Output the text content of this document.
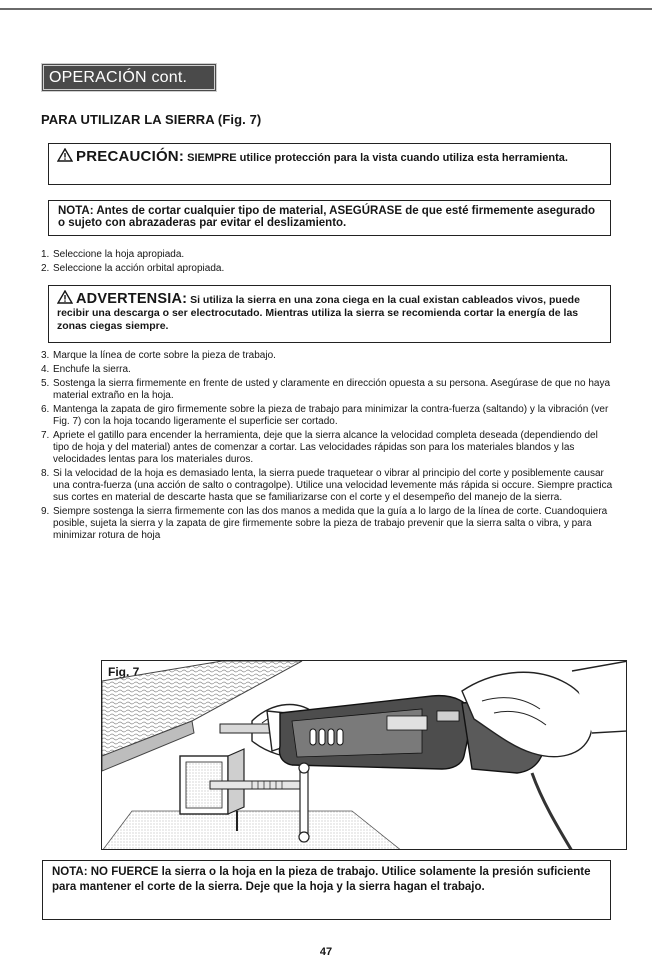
OPERACIÓN cont.
PARA UTILIZAR LA SIERRA (Fig. 7)

PRECAUCIÓN: SIEMPRE utilice protección para la vista cuando utiliza esta herramienta.

NOTA: Antes de cortar cualquier tipo de material, ASEGÚRASE de que esté firmemente asegurado o sujeto con abrazaderas par evitar el deslizamiento.

1. Seleccione la hoja apropiada.
2. Seleccione la acción orbital apropiada.

ADVERTENSIA: Si utiliza la sierra en una zona ciega en la cual existan cableados vivos, puede recibir una descarga o ser electrocutado. Mientras utiliza la sierra se recomienda cortar la energía de las zonas ciegas siempre.

3. Marque la línea de corte sobre la pieza de trabajo.
4. Enchufe la sierra.
5. Sostenga la sierra firmemente en frente de usted y claramente en dirección opuesta a su persona. Asegúrase de que no haya material extraño en la hoja.
6. Mantenga la zapata de giro firmemente sobre la pieza de trabajo para minimizar la contra-fuerza (saltando) y la vibración (ver Fig. 7) con la hoja tocando ligeramente el superficie ser cortado.
7. Apriete el gatillo para encender la herramienta, deje que la sierra alcance la velocidad completa deseada (dependiendo del tipo de hoja y del material) antes de comenzar a cortar. Las velocidades rápidas son para los materiales blandos y las velocidades lentas para los materiales duros.
8. Si la velocidad de la hoja es demasiado lenta, la sierra puede traquetear o vibrar al principio del corte y posiblemente causar una contra-fuerza (una acción de salto o contragolpe). Utilice una velocidad levemente más rápida si occure. Siempre practica sus cortes en material de descarte hasta que se familiarizarse con el corte y el desempeño del manejo de la sierra.
9. Siempre sostenga la sierra firmemente con las dos manos a medida que la guía a lo largo de la línea de corte. Cuandoquiera posible, sujeta la sierra y la zapata de gire firmemente sobre la pieza de trabajo prevenir que la sierra salta o vibra, y para minimizar rotura de hoja
Fig. 7

NOTA: NO FUERCE la sierra o la hoja en la pieza de trabajo. Utilice solamente la presión suficiente para mantener el corte de la sierra. Deje que la hoja y la sierra hagan el trabajo.

47
